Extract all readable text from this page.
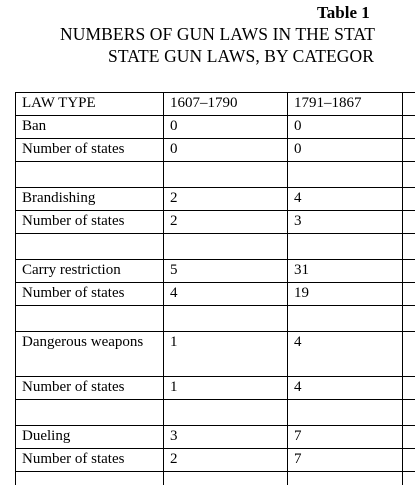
Table 1
NUMBERS OF GUN LAWS IN THE STAT
STATE GUN LAWS, BY CATEGOR
LAW TYPE	1607–1790	1791–1867	
Ban	0	0	
Number of states	0	0	

Brandishing	2	4	
Number of states	2	3	

Carry restriction	5	31	
Number of states	4	19	

Dangerous weapons	1	4	
Number of states	1	4	

Dueling	3	7	
Number of states	2	7	
